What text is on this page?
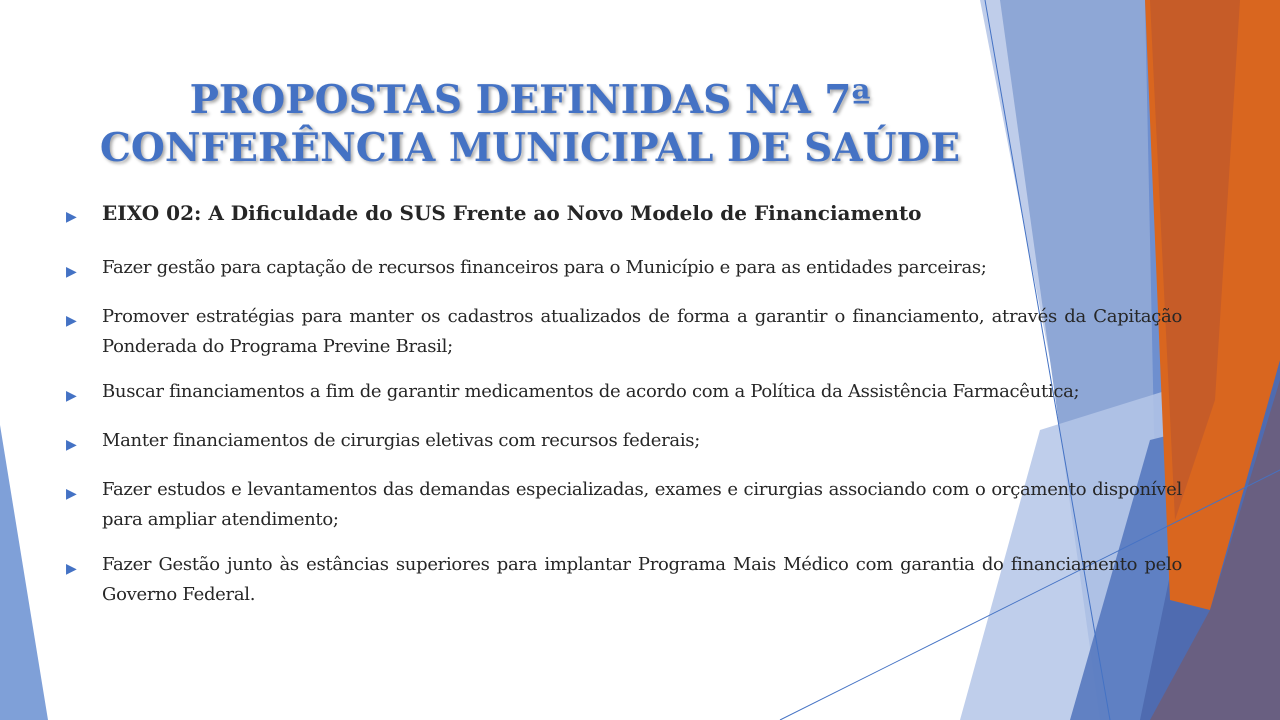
PROPOSTAS DEFINIDAS NA 7ª
CONFERÊNCIA MUNICIPAL DE SAÚDE
▶	EIXO 02: A Dificuldade do SUS Frente ao Novo Modelo de Financiamento
▶	Fazer gestão para captação de recursos financeiros para o Município e para as entidades parceiras;
▶	Promover estratégias para manter os cadastros atualizados de forma a garantir o financiamento, através da Capitação Ponderada do Programa Previne Brasil;
▶	Buscar financiamentos a fim de garantir medicamentos de acordo com a Política da Assistência Farmacêutica;
▶	Manter financiamentos de cirurgias eletivas com recursos federais;
▶	Fazer estudos e levantamentos das demandas especializadas, exames e cirurgias associando com o orçamento disponível para ampliar atendimento;
▶	Fazer Gestão junto às estâncias superiores para implantar Programa Mais Médico com garantia do financiamento pelo Governo Federal.
